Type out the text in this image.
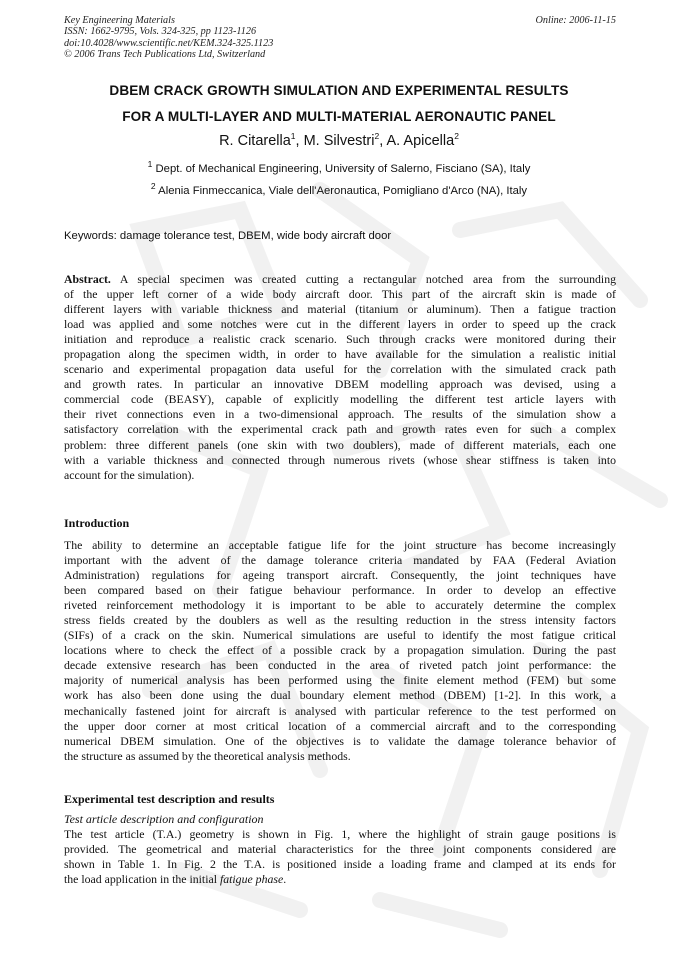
Key Engineering Materials
ISSN: 1662-9795, Vols. 324-325, pp 1123-1126
doi:10.4028/www.scientific.net/KEM.324-325.1123
© 2006 Trans Tech Publications Ltd, Switzerland
Online: 2006-11-15
DBEM CRACK GROWTH SIMULATION AND EXPERIMENTAL RESULTS
FOR A MULTI-LAYER AND MULTI-MATERIAL AERONAUTIC PANEL
R. Citarella$^1$, M. Silvestri$^2$, A. Apicella$^2$
$^1$ Dept. of Mechanical Engineering, University of Salerno, Fisciano (SA), Italy
$^2$ Alenia Finmeccanica, Viale dell'Aeronautica, Pomigliano d'Arco (NA), Italy
Keywords: damage tolerance test, DBEM, wide body aircraft door
Abstract. A special specimen was created cutting a rectangular notched area from the surrounding
of the upper left corner of a wide body aircraft door. This part of the aircraft skin is made of
different layers with variable thickness and material (titanium or aluminum). Then a fatigue traction
load was applied and some notches were cut in the different layers in order to speed up the crack
initiation and reproduce a realistic crack scenario. Such through cracks were monitored during their
propagation along the specimen width, in order to have available for the simulation a realistic initial
scenario and experimental propagation data useful for the correlation with the simulated crack path
and growth rates. In particular an innovative DBEM modelling approach was devised, using a
commercial code (BEASY), capable of explicitly modelling the different test article layers with
their rivet connections even in a two-dimensional approach. The results of the simulation show a
satisfactory correlation with the experimental crack path and growth rates even for such a complex
problem: three different panels (one skin with two doublers), made of different materials, each one
with a variable thickness and connected through numerous rivets (whose shear stiffness is taken into
account for the simulation).
Introduction
The ability to determine an acceptable fatigue life for the joint structure has become increasingly
important with the advent of the damage tolerance criteria mandated by FAA (Federal Aviation
Administration) regulations for ageing transport aircraft. Consequently, the joint techniques have
been compared based on their fatigue behaviour performance. In order to develop an effective
riveted reinforcement methodology it is important to be able to accurately determine the complex
stress fields created by the doublers as well as the resulting reduction in the stress intensity factors
(SIFs) of a crack on the skin. Numerical simulations are useful to identify the most fatigue critical
locations where to check the effect of a possible crack by a propagation simulation. During the past
decade extensive research has been conducted in the area of riveted patch joint performance: the
majority of numerical analysis has been performed using the finite element method (FEM) but some
work has also been done using the dual boundary element method (DBEM) [1-2]. In this work, a
mechanically fastened joint for aircraft is analysed with particular reference to the test performed on
the upper door corner at most critical location of a commercial aircraft and to the corresponding
numerical DBEM simulation. One of the objectives is to validate the damage tolerance behavior of
the structure as assumed by the theoretical analysis methods.
Experimental test description and results
Test article description and configuration
The test article (T.A.) geometry is shown in Fig. 1, where the highlight of strain gauge positions is
provided. The geometrical and material characteristics for the three joint components considered are
shown in Table 1. In Fig. 2 the T.A. is positioned inside a loading frame and clamped at its ends for
the load application in the initial fatigue phase.
